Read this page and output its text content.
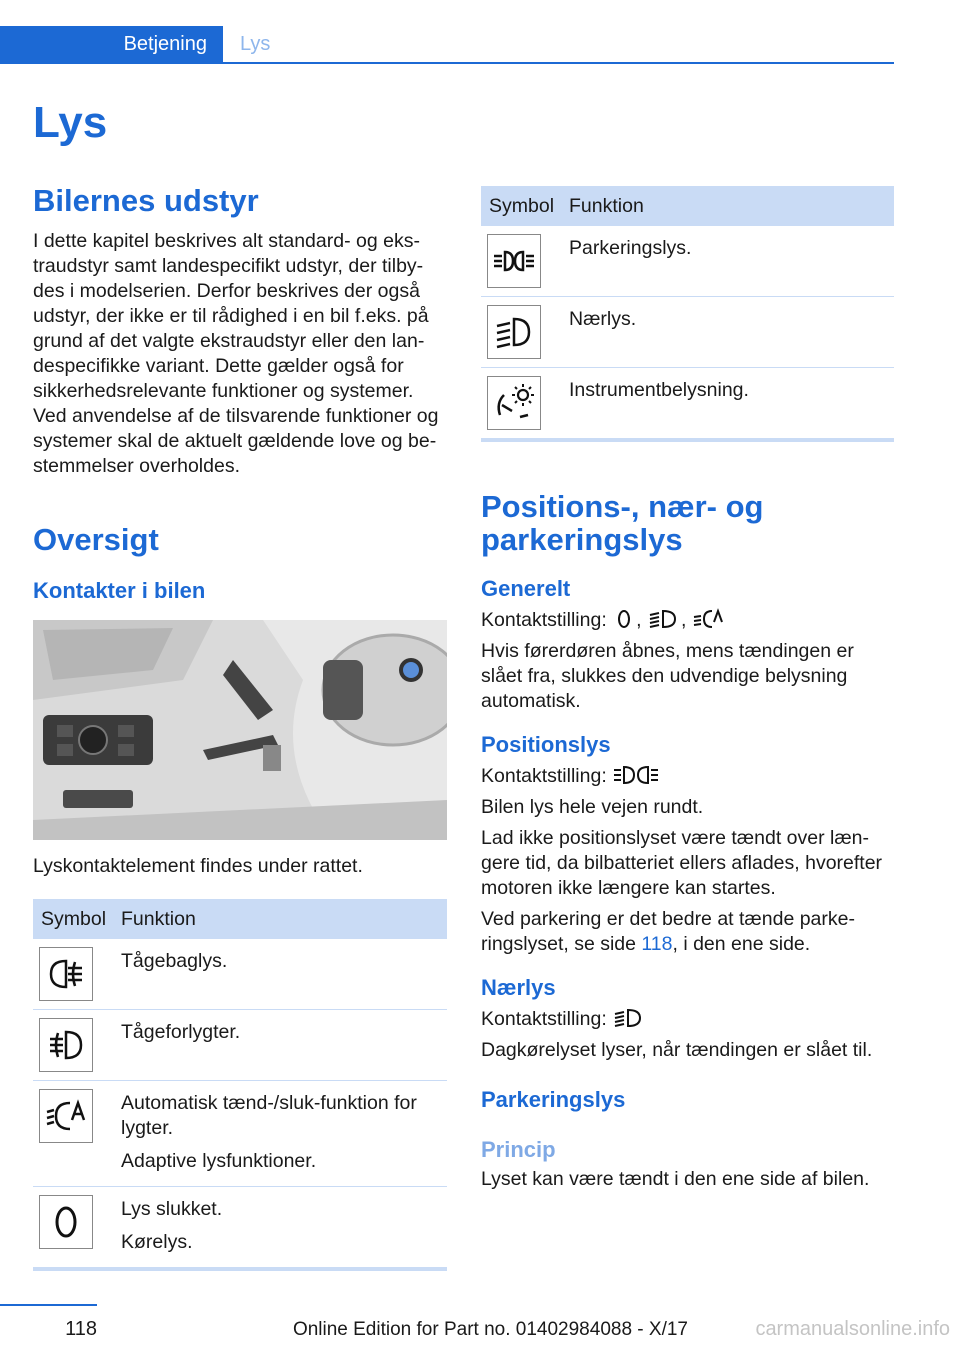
Betjening Lys
Lys
Bilernes udstyr

I dette kapitel beskrives alt standard- og ekstraudstyr samt landespecifikt udstyr, der tilbydes i modelserien. Derfor beskrives der også udstyr, der ikke er til rådighed i en bil f.eks. på grund af det valgte ekstraudstyr eller den landespecifikke variant. Dette gælder også for sikkerhedsrelevante funktioner og systemer. Ved anvendelse af de tilsvarende funktioner og systemer skal de aktuelt gældende love og bestemmelser overholdes.

Oversigt
Kontakter i bilen

Lyskontaktelement findes under rattet.

Symbol	Funktion

Tågebaglys.

Tågeforlygter.

Automatisk tænd-/sluk-funktion for lygter.
Adaptive lysfunktioner.

Lys slukket.
Kørelys.
Symbol	Funktion

Parkeringslys.

Nærlys.

Instrumentbelysning.
Positions-, nær- og parkeringslys
Generelt

Kontaktstilling: , ,

Hvis førerdøren åbnes, mens tændingen er slået fra, slukkes den udvendige belysning automatisk.

Positionslys

Kontaktstilling:

Bilen lys hele vejen rundt.

Lad ikke positionslyset være tændt over længere tid, da bilbatteriet ellers aflades, hvorefter motoren ikke længere kan startes.

Ved parkering er det bedre at tænde parkeringslyset, se side 118, i den ene side.

Nærlys

Kontaktstilling:

Dagkørelyset lyser, når tændingen er slået til.

Parkeringslys
Princip

Lyset kan være tændt i den ene side af bilen.

118	Online Edition for Part no. 01402984088 - X/17	carmanualsonline.info
